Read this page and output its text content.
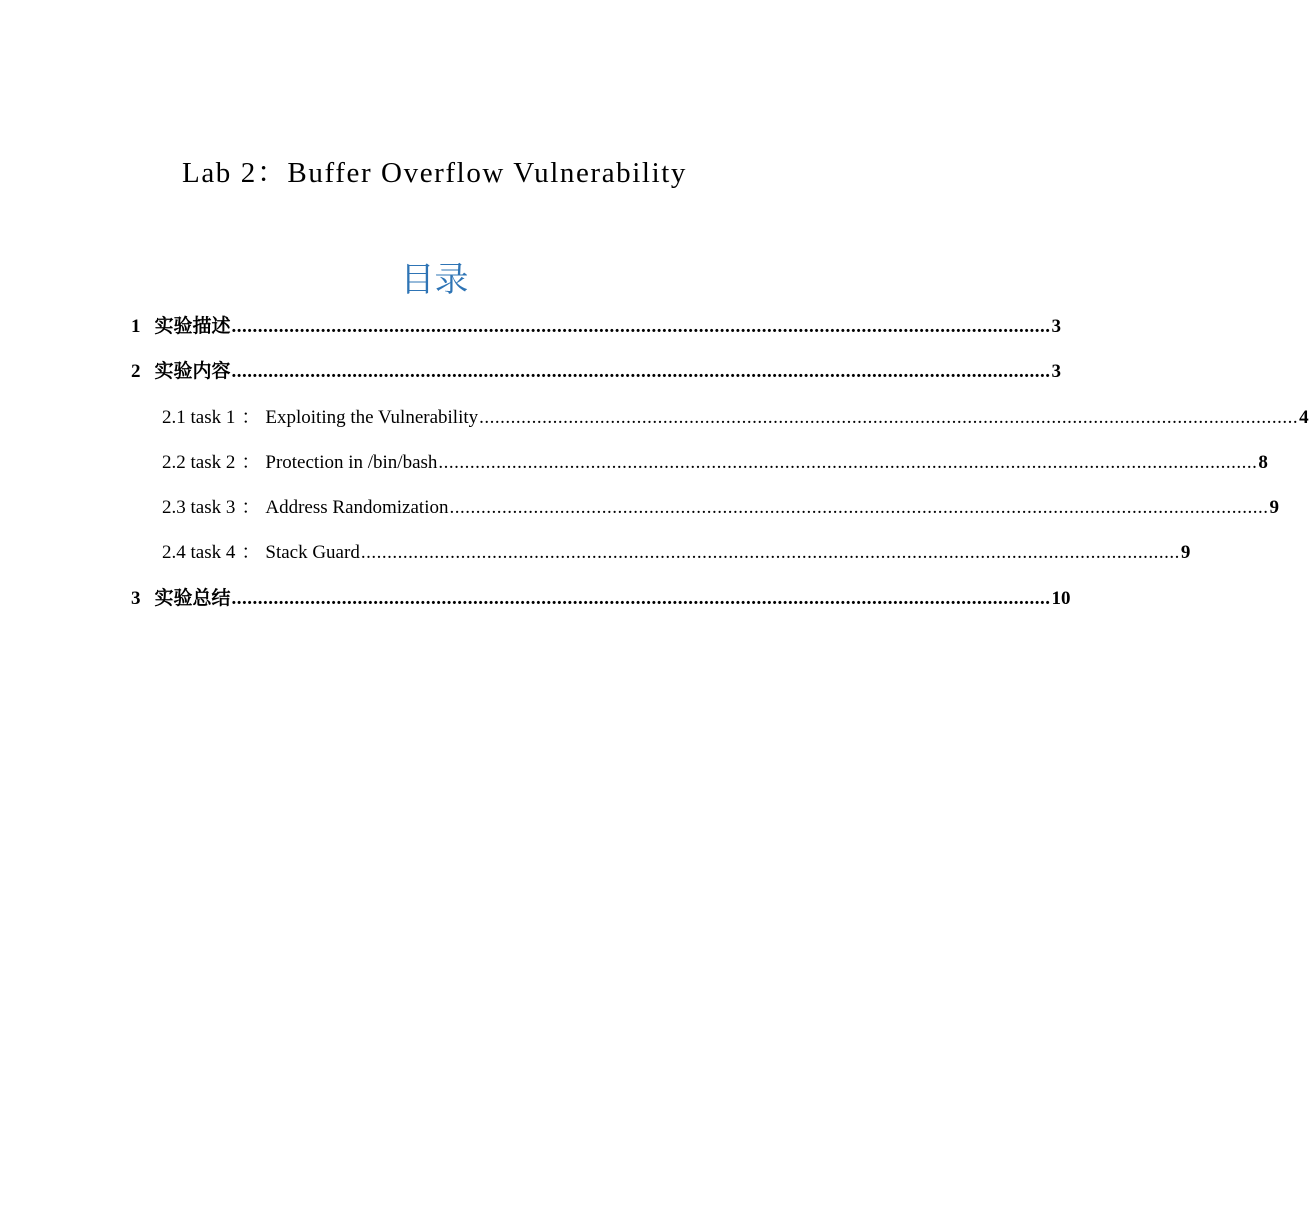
Lab 2：Buffer Overflow Vulnerability
目录
1 实验描述 ............................................................................................................................................................ 3
2 实验内容 ............................................................................................................................................................ 3
2.1 task 1 ： Exploiting the Vulnerability ............................................................................................................................................................ 4
2.2 task 2 ： Protection in /bin/bash ............................................................................................................................................................ 8
2.3 task 3 ： Address Randomization ............................................................................................................................................................ 9
2.4 task 4 ： Stack Guard ............................................................................................................................................................ 9
3 实验总结 ............................................................................................................................................................ 10
